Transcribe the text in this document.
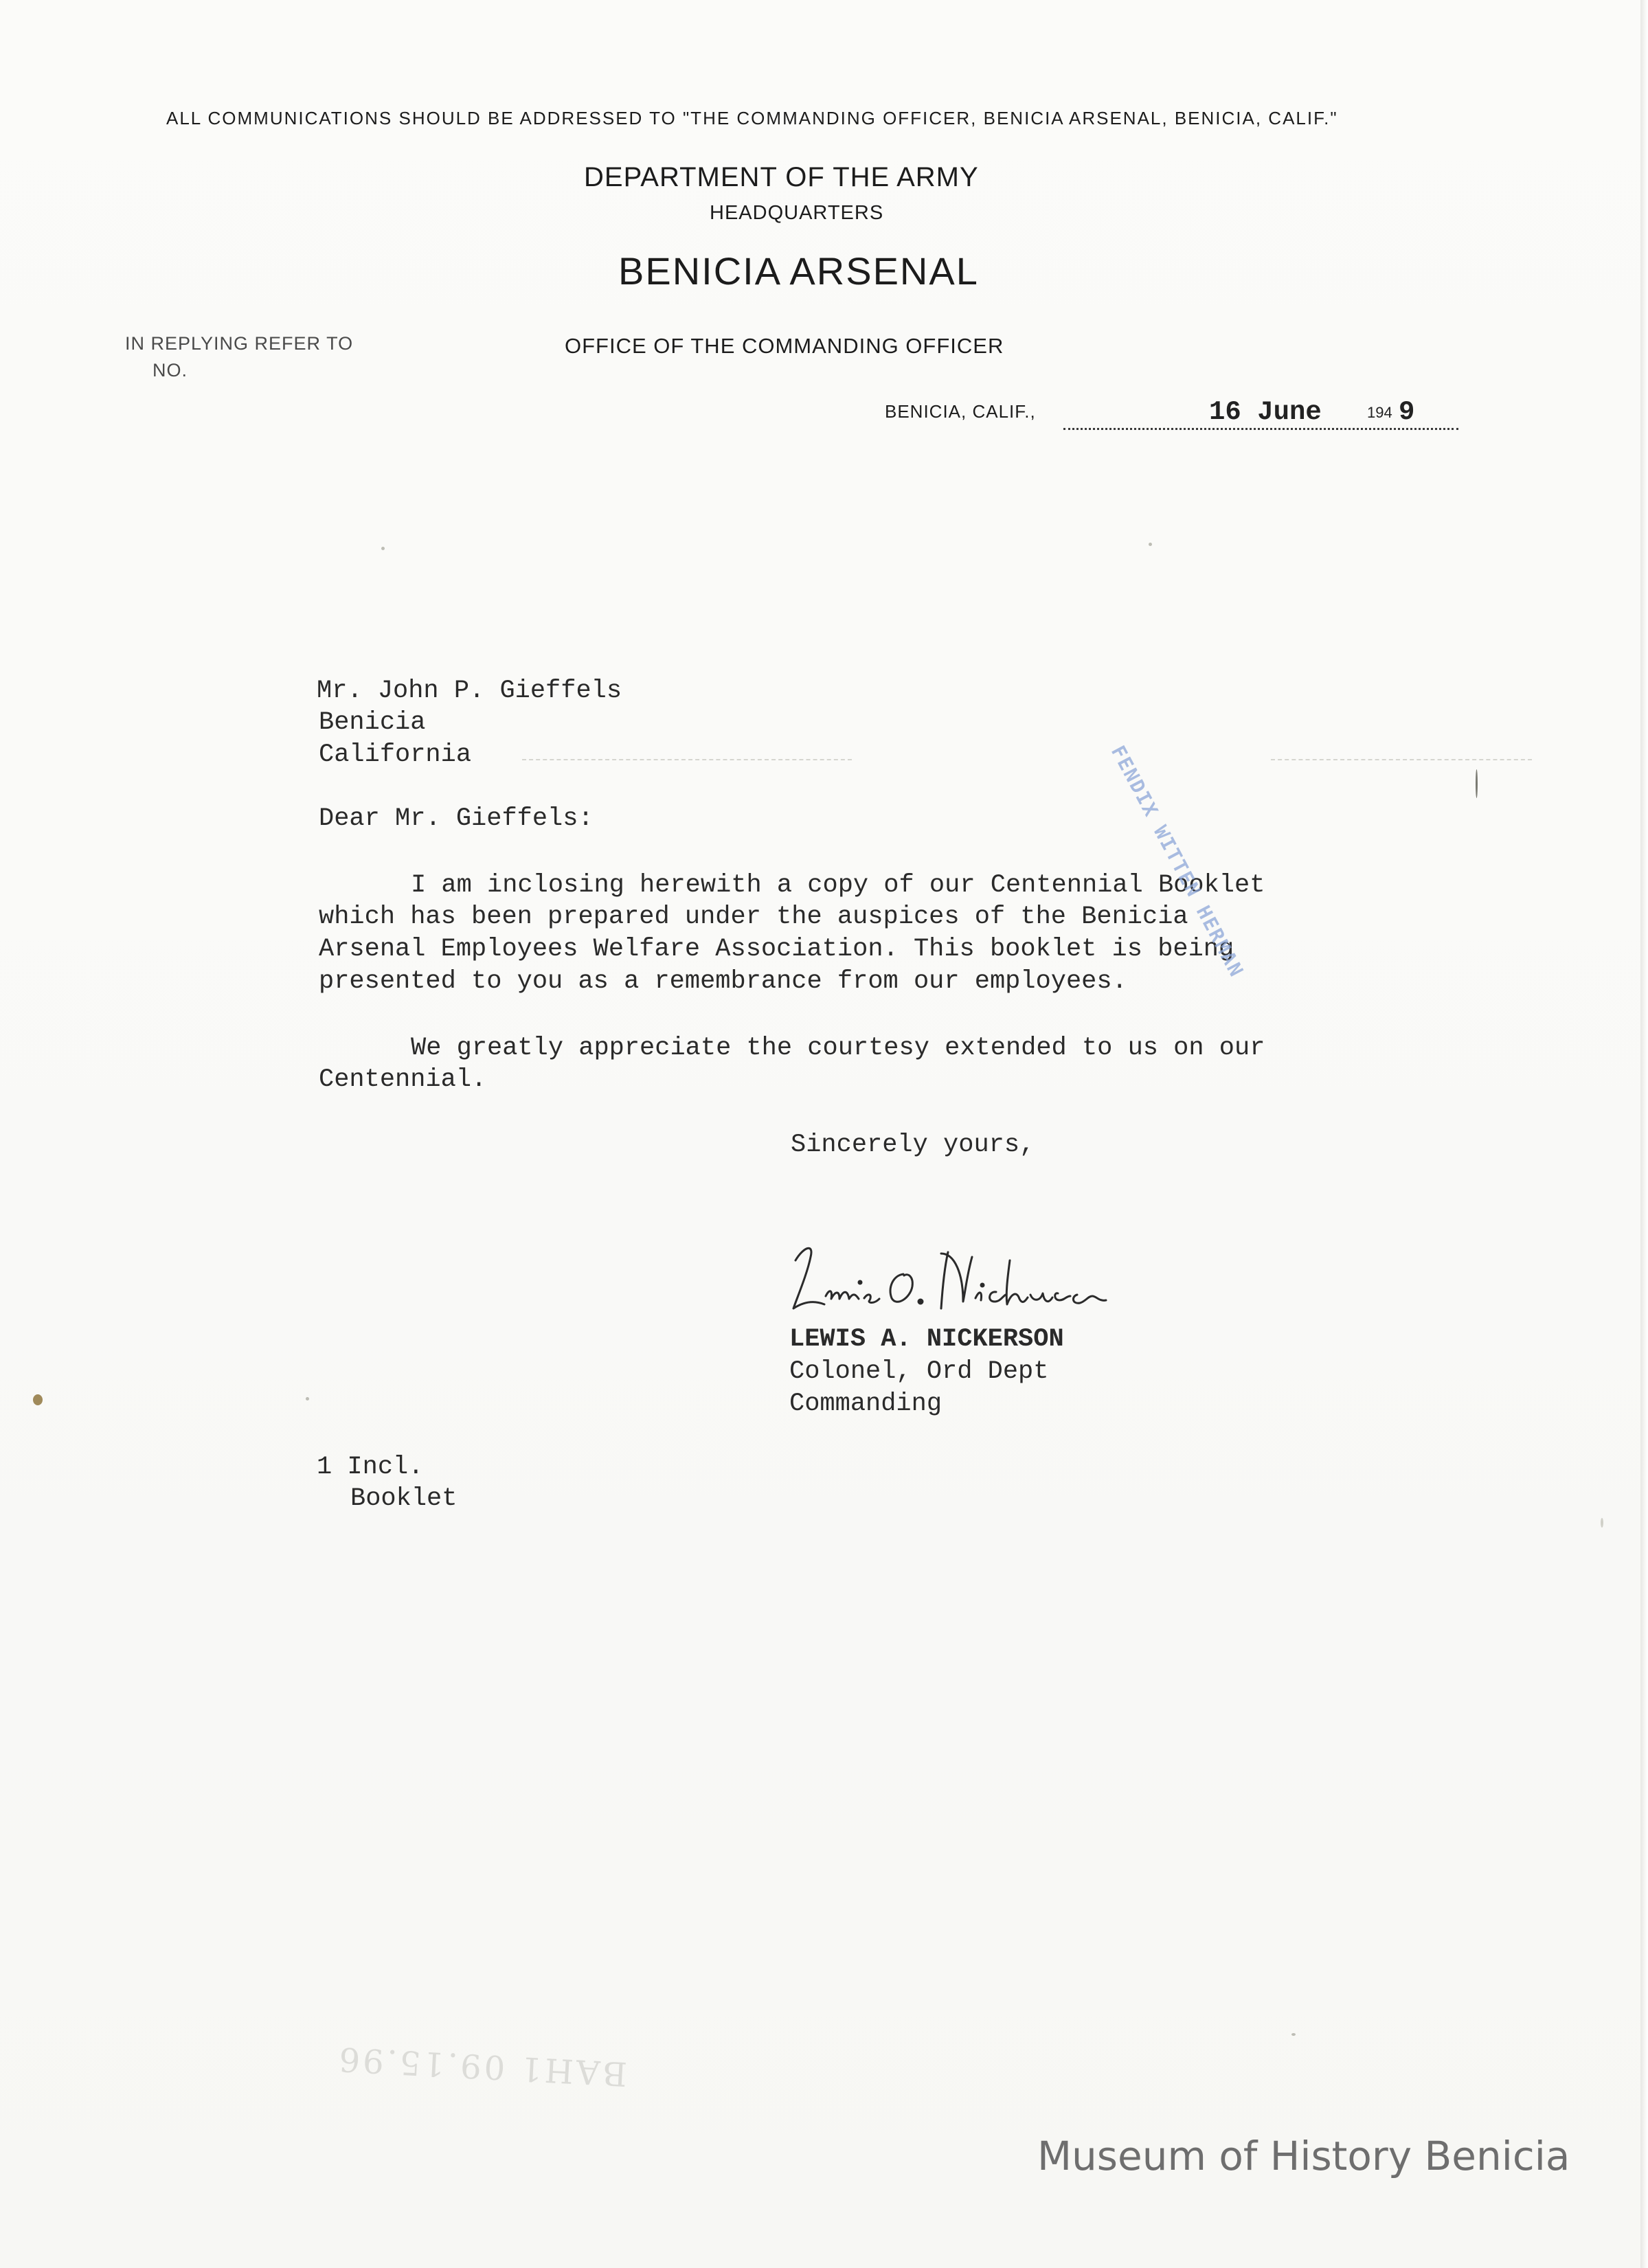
ALL COMMUNICATIONS SHOULD BE ADDRESSED TO "THE COMMANDING OFFICER, BENICIA ARSENAL, BENICIA, CALIF."
DEPARTMENT OF THE ARMY
HEADQUARTERS
BENICIA ARSENAL
OFFICE OF THE COMMANDING OFFICER
IN REPLYING REFER TO
NO.
BENICIA, CALIF.,	16 June	194 9
Mr. John P. Gieffels
Benicia
California
Dear Mr. Gieffels:
I am inclosing herewith a copy of our Centennial Booklet
which has been prepared under the auspices of the Benicia
Arsenal Employees Welfare Association. This booklet is being
presented to you as a remembrance from our employees.
We greatly appreciate the courtesy extended to us on our
Centennial.
Sincerely yours,
FENDIX WITTEN HERMAN
LEWIS A. NICKERSON
Colonel, Ord Dept
Commanding
1 Incl.
Booklet
BAH1 09.15.96
Museum of History Benicia
